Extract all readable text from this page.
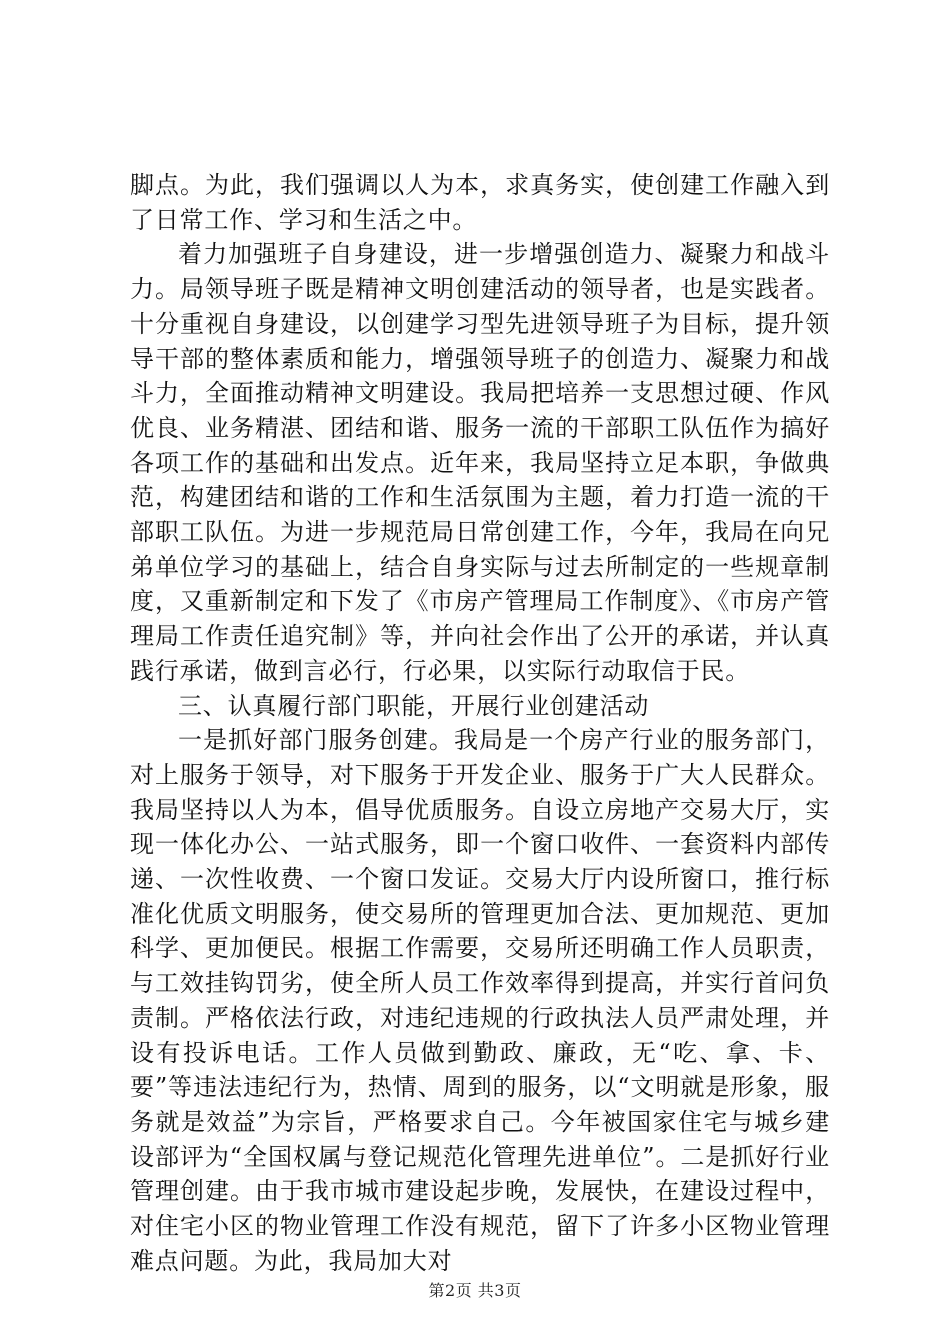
脚点。为此，我们强调以人为本，求真务实，使创建工作融入到了日常工作、学习和生活之中。

着力加强班子自身建设，进一步增强创造力、凝聚力和战斗力。局领导班子既是精神文明创建活动的领导者，也是实践者。十分重视自身建设，以创建学习型先进领导班子为目标，提升领导干部的整体素质和能力，增强领导班子的创造力、凝聚力和战斗力，全面推动精神文明建设。我局把培养一支思想过硬、作风优良、业务精湛、团结和谐、服务一流的干部职工队伍作为搞好各项工作的基础和出发点。近年来，我局坚持立足本职，争做典范，构建团结和谐的工作和生活氛围为主题，着力打造一流的干部职工队伍。为进一步规范局日常创建工作，今年，我局在向兄弟单位学习的基础上，结合自身实际与过去所制定的一些规章制度，又重新制定和下发了《市房产管理局工作制度》、《市房产管理局工作责任追究制》等，并向社会作出了公开的承诺，并认真践行承诺，做到言必行，行必果，以实际行动取信于民。

三、认真履行部门职能，开展行业创建活动

一是抓好部门服务创建。我局是一个房产行业的服务部门，对上服务于领导，对下服务于开发企业、服务于广大人民群众。我局坚持以人为本，倡导优质服务。自设立房地产交易大厅，实现一体化办公、一站式服务，即一个窗口收件、一套资料内部传递、一次性收费、一个窗口发证。交易大厅内设所窗口，推行标准化优质文明服务，使交易所的管理更加合法、更加规范、更加科学、更加便民。根据工作需要，交易所还明确工作人员职责，与工效挂钩罚劣，使全所人员工作效率得到提高，并实行首问负责制。严格依法行政，对违纪违规的行政执法人员严肃处理，并设有投诉电话。工作人员做到勤政、廉政，无“吃、拿、卡、要”等违法违纪行为，热情、周到的服务，以“文明就是形象，服务就是效益”为宗旨，严格要求自己。今年被国家住宅与城乡建设部评为“全国权属与登记规范化管理先进单位”。二是抓好行业管理创建。由于我市城市建设起步晚，发展快，在建设过程中，对住宅小区的物业管理工作没有规范，留下了许多小区物业管理难点问题。为此，我局加大对

第2页 共3页
